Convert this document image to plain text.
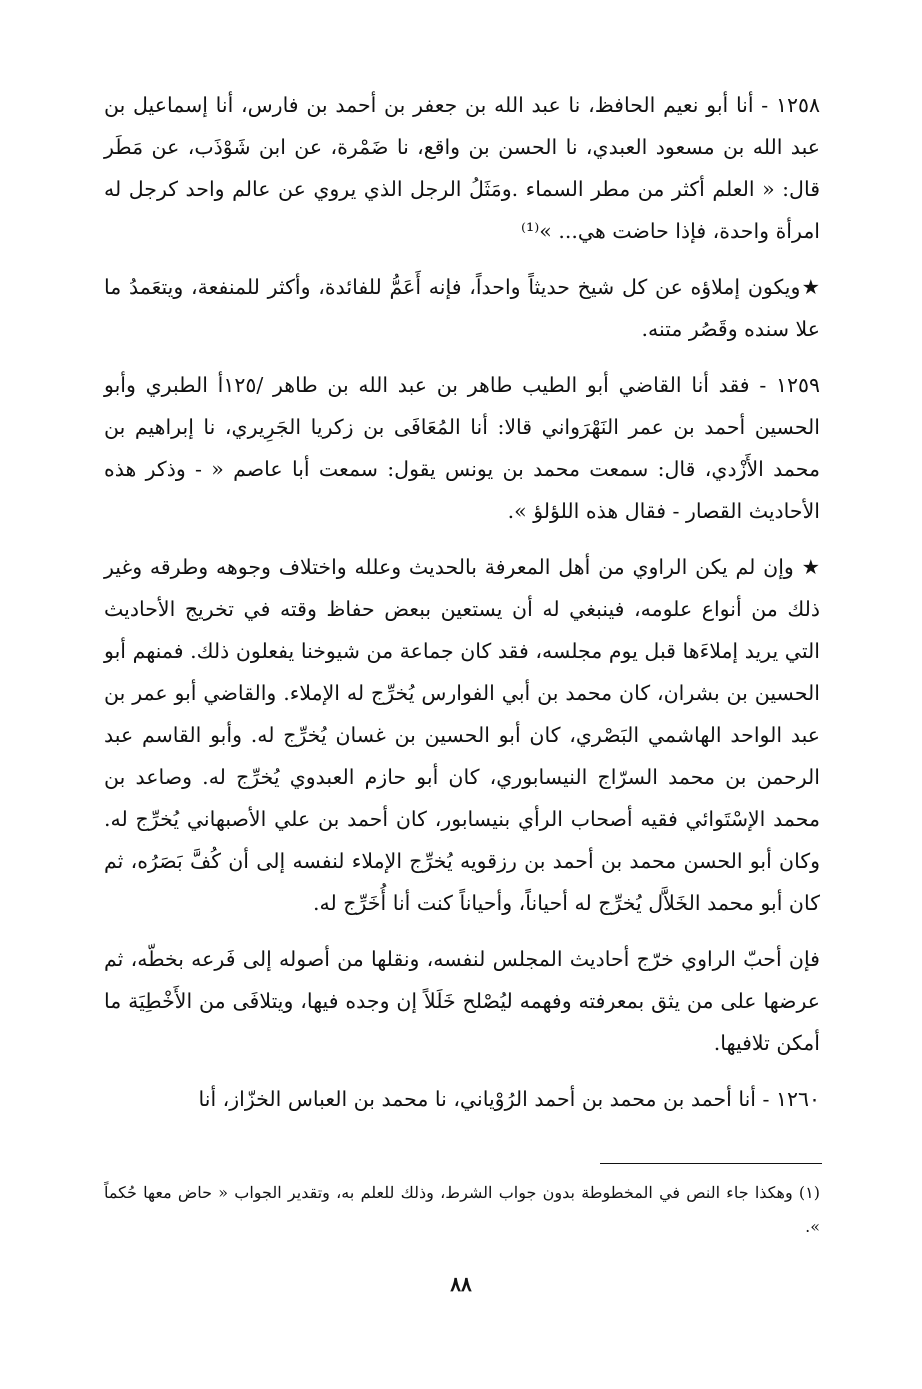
١٢٥٨ - أنا أبو نعيم الحافظ، نا عبد الله بن جعفر بن أحمد بن فارس، أنا إسماعيل بن عبد الله بن مسعود العبدي، نا الحسن بن واقع، نا ضَمْرة، عن ابن شَوْذَب، عن مَطَر قال: « العلم أكثر من مطر السماء .ومَثَلُ الرجل الذي يروي عن عالم واحد كرجل له امرأة واحدة، فإذا حاضت هي... »⁽¹⁾

★ويكون إملاؤه عن كل شيخ حديثاً واحداً، فإنه أَعَمُّ للفائدة، وأكثر للمنفعة، ويتعَمدُ ما علا سنده وقَصُر متنه.

١٢٥٩ - فقد أنا القاضي أبو الطيب طاهر بن عبد الله بن طاهر /١٢٥أ الطبري وأبو الحسين أحمد بن عمر النَهْرَواني قالا: أنا المُعَافَى بن زكريا الجَرِيري، نا إبراهيم بن محمد الأَزْدي، قال: سمعت محمد بن يونس يقول: سمعت أبا عاصم « - وذكر هذه الأحاديث القصار - فقال هذه اللؤلؤ ».

★ وإن لم يكن الراوي من أهل المعرفة بالحديث وعلله واختلاف وجوهه وطرقه وغير ذلك من أنواع علومه، فينبغي له أن يستعين ببعض حفاظ وقته في تخريج الأحاديث التي يريد إملاءَها قبل يوم مجلسه، فقد كان جماعة من شيوخنا يفعلون ذلك. فمنهم أبو الحسين بن بشران، كان محمد بن أبي الفوارس يُخرِّج له الإملاء. والقاضي أبو عمر بن عبد الواحد الهاشمي البَصْري، كان أبو الحسين بن غسان يُخرِّج له. وأبو القاسم عبد الرحمن بن محمد السرّاج النيسابوري، كان أبو حازم العبدوي يُخرِّج له. وصاعد بن محمد الإسْتَوائي فقيه أصحاب الرأي بنيسابور، كان أحمد بن علي الأصبهاني يُخرِّج له. وكان أبو الحسن محمد بن أحمد بن رزقويه يُخرِّج الإملاء لنفسه إلى أن كُفَّ بَصَرُه، ثم كان أبو محمد الخَلاَّل يُخرِّج له أحياناً، وأحياناً كنت أنا أُخَرِّج له.

فإن أحبّ الراوي خرّج أحاديث المجلس لنفسه، ونقلها من أصوله إلى فَرعه بخطّه، ثم عرضها على من يثق بمعرفته وفهمه ليُصْلح خَلَلاً إن وجده فيها، ويتلافَى من الأَخْطِيَة ما أمكن تلافيها.

١٢٦٠ - أنا أحمد بن محمد بن أحمد الرُوْياني، نا محمد بن العباس الخزّاز، أنا

(١) وهكذا جاء النص في المخطوطة بدون جواب الشرط، وذلك للعلم به، وتقدير الجواب « حاض معها حُكماً ».

٨٨
